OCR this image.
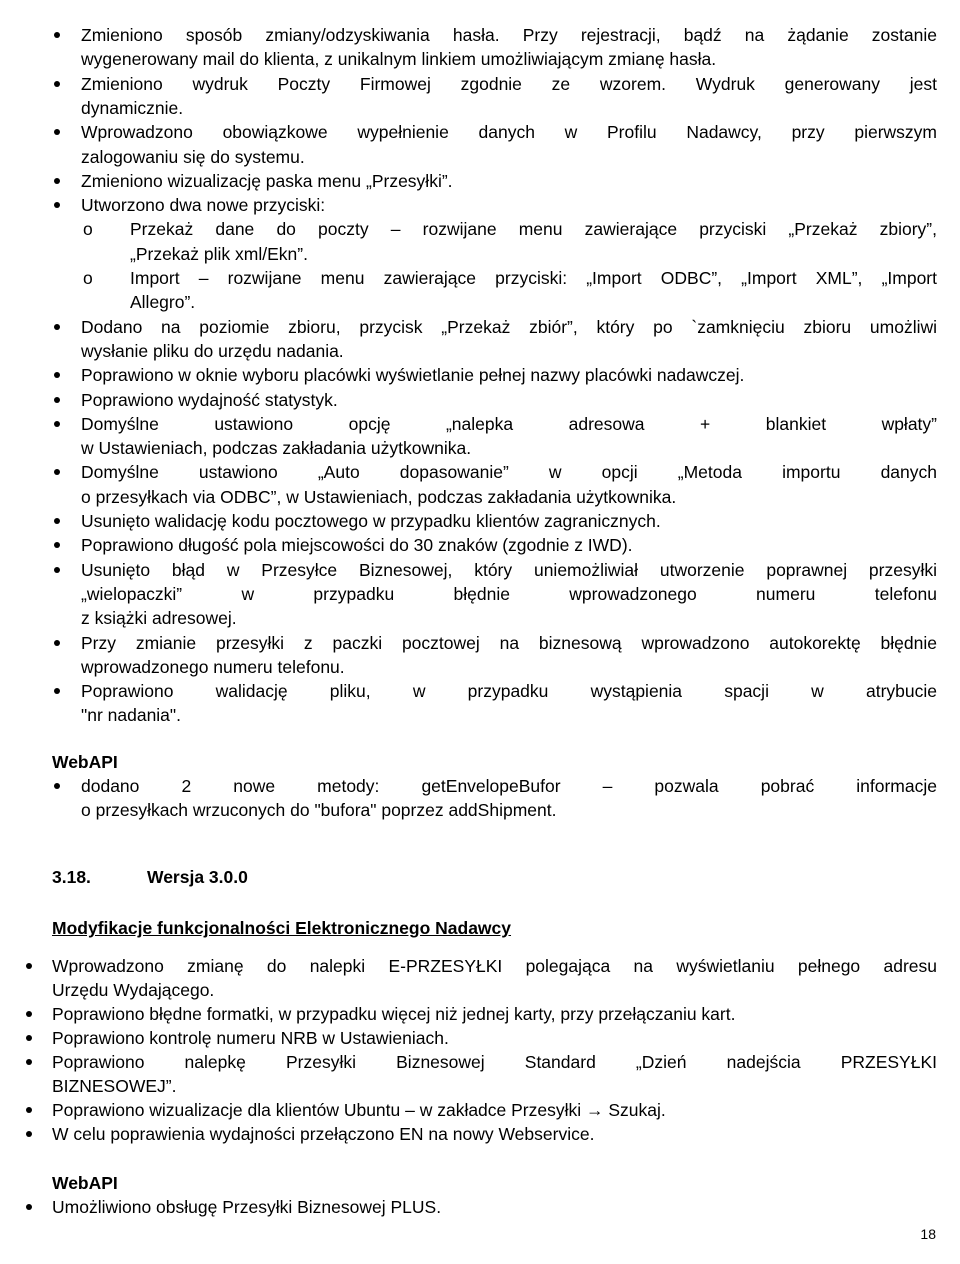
Zmieniono sposób zmiany/odzyskiwania hasła. Przy rejestracji, bądź na żądanie zostanie
wygenerowany mail do klienta, z unikalnym linkiem umożliwiającym zmianę hasła.
Zmieniono wydruk Poczty Firmowej zgodnie ze wzorem. Wydruk generowany jest
dynamicznie.
Wprowadzono obowiązkowe wypełnienie danych w Profilu Nadawcy, przy pierwszym
zalogowaniu się do systemu.
Zmieniono wizualizację paska menu „Przesyłki”.
Utworzono dwa nowe przyciski:
o Przekaż dane do poczty – rozwijane menu zawierające przyciski „Przekaż zbiory”,
„Przekaż plik xml/Ekn”.
o Import – rozwijane menu zawierające przyciski: „Import ODBC”, „Import XML”, „Import
Allegro”.
Dodano na poziomie zbioru, przycisk „Przekaż zbiór”, który po `zamknięciu zbioru umożliwi
wysłanie pliku do urzędu nadania.
Poprawiono w oknie wyboru placówki wyświetlanie pełnej nazwy placówki nadawczej.
Poprawiono wydajność statystyk.
Domyślne ustawiono opcję „nalepka adresowa + blankiet wpłaty”
w Ustawieniach, podczas zakładania użytkownika.
Domyślne ustawiono „Auto dopasowanie” w opcji „Metoda importu danych
o przesyłkach via ODBC”, w Ustawieniach, podczas zakładania użytkownika.
Usunięto walidację kodu pocztowego w przypadku klientów zagranicznych.
Poprawiono długość pola miejscowości do 30 znaków (zgodnie z IWD).
Usunięto błąd w Przesyłce Biznesowej, który uniemożliwiał utworzenie poprawnej przesyłki
„wielopaczki” w przypadku błędnie wprowadzonego numeru telefonu
z książki adresowej.
Przy zmianie przesyłki z paczki pocztowej na biznesową wprowadzono autokorektę błędnie
wprowadzonego numeru telefonu.
Poprawiono walidację pliku, w przypadku wystąpienia spacji w atrybucie
"nr nadania".
WebAPI
dodano 2 nowe metody: getEnvelopeBufor – pozwala pobrać informacje
o przesyłkach wrzuconych do "bufora" poprzez addShipment.
3.18.	Wersja 3.0.0
Modyfikacje funkcjonalności Elektronicznego Nadawcy
Wprowadzono zmianę do nalepki E-PRZESYŁKI polegająca na wyświetlaniu pełnego adresu
Urzędu Wydającego.
Poprawiono błędne formatki, w przypadku więcej niż jednej karty, przy przełączaniu kart.
Poprawiono kontrolę numeru NRB w Ustawieniach.
Poprawiono nalepkę Przesyłki Biznesowej Standard „Dzień nadejścia PRZESYŁKI
BIZNESOWEJ”.
Poprawiono wizualizacje dla klientów Ubuntu – w zakładce Przesyłki → Szukaj.
W celu poprawienia wydajności przełączono EN na nowy Webservice.
WebAPI
Umożliwiono obsługę Przesyłki Biznesowej PLUS.
18
